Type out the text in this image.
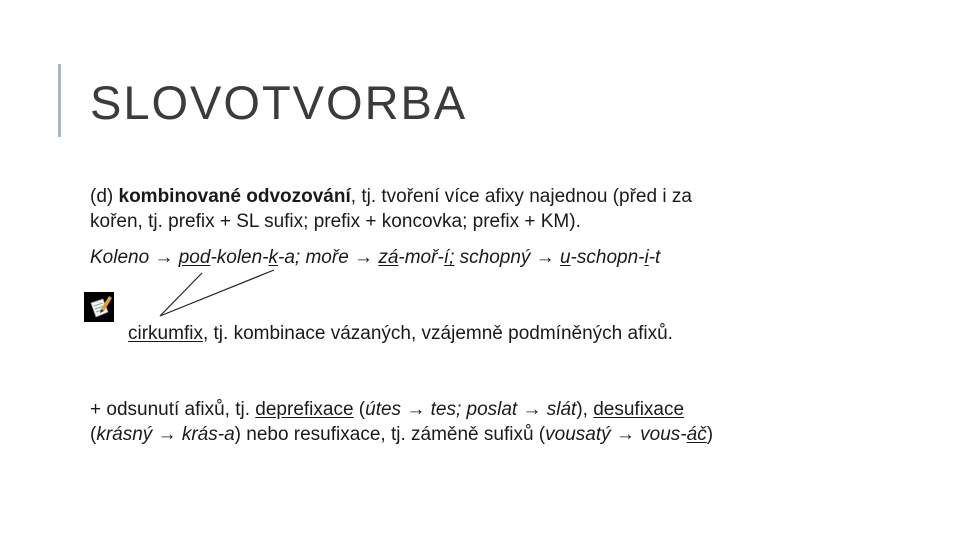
SLOVOTVORBA
(d) kombinované odvozování, tj. tvoření více afixy najednou (před i za
kořen, tj. prefix + SL sufix; prefix + koncovka; prefix + KM).
Koleno → pod-kolen-k-a; moře → zá-moř-í; schopný → u-schopn-i-t
cirkumfix, tj. kombinace vázaných, vzájemně podmíněných afixů.
+ odsunutí afixů, tj. deprefixace (útes → tes; poslat → slát), desufixace
(krásný → krás-a) nebo resufixace, tj. záměně sufixů (vousatý → vous-áč)
